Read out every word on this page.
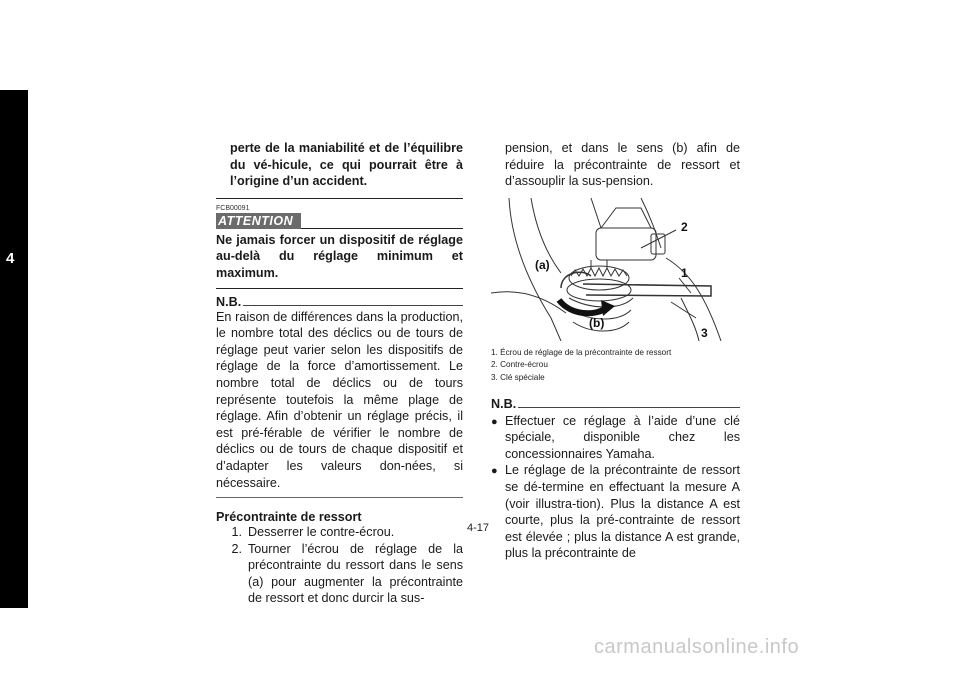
4
perte de la maniabilité et de l’équilibre du vé-hicule, ce qui pourrait être à l’origine d’un accident.
FCB00091
ATTENTION
Ne jamais forcer un dispositif de réglage au-delà du réglage minimum et maximum.
N.B.
En raison de différences dans la production, le nombre total des déclics ou de tours de réglage peut varier selon les dispositifs de réglage de la force d’amortissement. Le nombre total de déclics ou de tours représente toutefois la même plage de réglage. Afin d’obtenir un réglage précis, il est pré-férable de vérifier le nombre de déclics ou de tours de chaque dispositif et d’adapter les valeurs don-nées, si nécessaire.
Précontrainte de ressort
1. Desserrer le contre-écrou.
2. Tourner l’écrou de réglage de la précontrainte du ressort dans le sens (a) pour augmenter la précontrainte de ressort et donc durcir la sus-
pension, et dans le sens (b) afin de réduire la précontrainte de ressort et d’assouplir la sus-pension.
(a)
(b)
1
2
3
1. Écrou de réglage de la précontrainte de ressort
2. Contre-écrou
3. Clé spéciale
N.B.
● Effectuer ce réglage à l’aide d’une clé spéciale, disponible chez les concessionnaires Yamaha.
● Le réglage de la précontrainte de ressort se dé-termine en effectuant la mesure A (voir illustra-tion). Plus la distance A est courte, plus la pré-contrainte de ressort est élevée ; plus la distance A est grande, plus la précontrainte de
4-17
carmanualsonline.info
